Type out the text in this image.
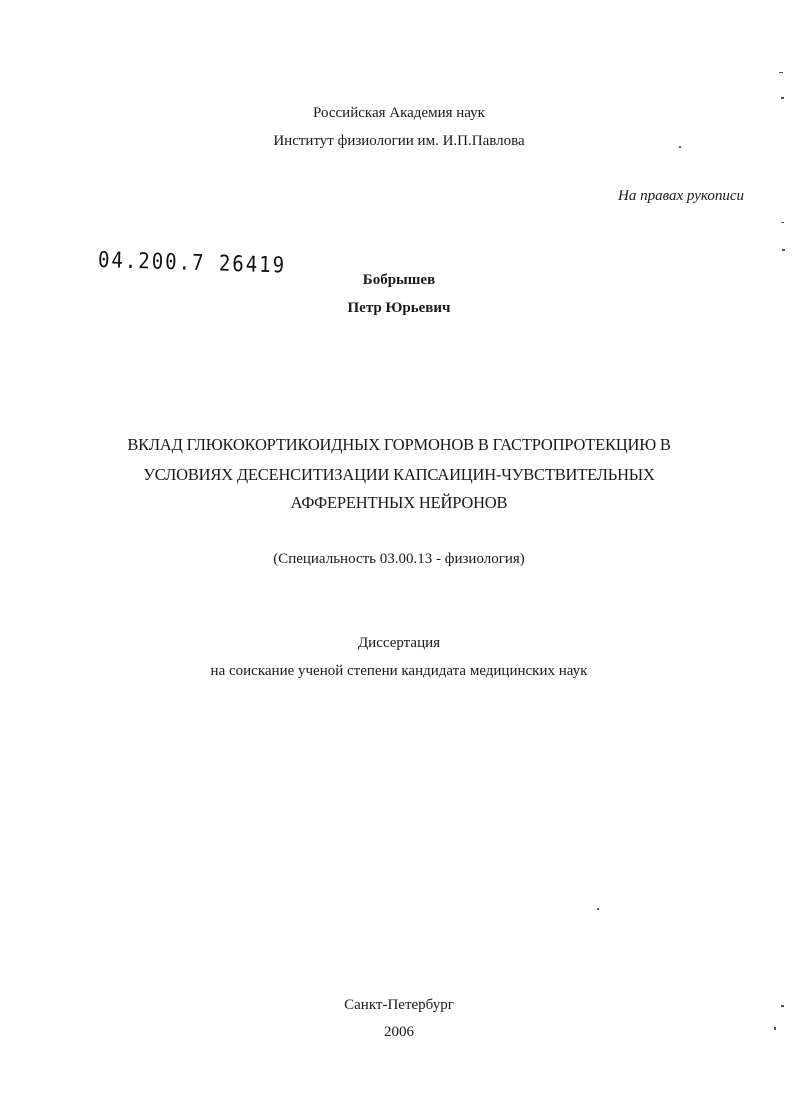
Российская Академия наук
Институт физиологии им. И.П.Павлова
На правах рукописи
04.200.7 26419
Бобрышев
Петр Юрьевич
ВКЛАД ГЛЮКОКОРТИКОИДНЫХ ГОРМОНОВ В ГАСТРОПРОТЕКЦИЮ В
УСЛОВИЯХ ДЕСЕНСИТИЗАЦИИ КАПСАИЦИН-ЧУВСТВИТЕЛЬНЫХ
АФФЕРЕНТНЫХ НЕЙРОНОВ
(Специальность 03.00.13 - физиология)
Диссертация
на соискание ученой степени кандидата медицинских наук
Санкт-Петербург
2006
